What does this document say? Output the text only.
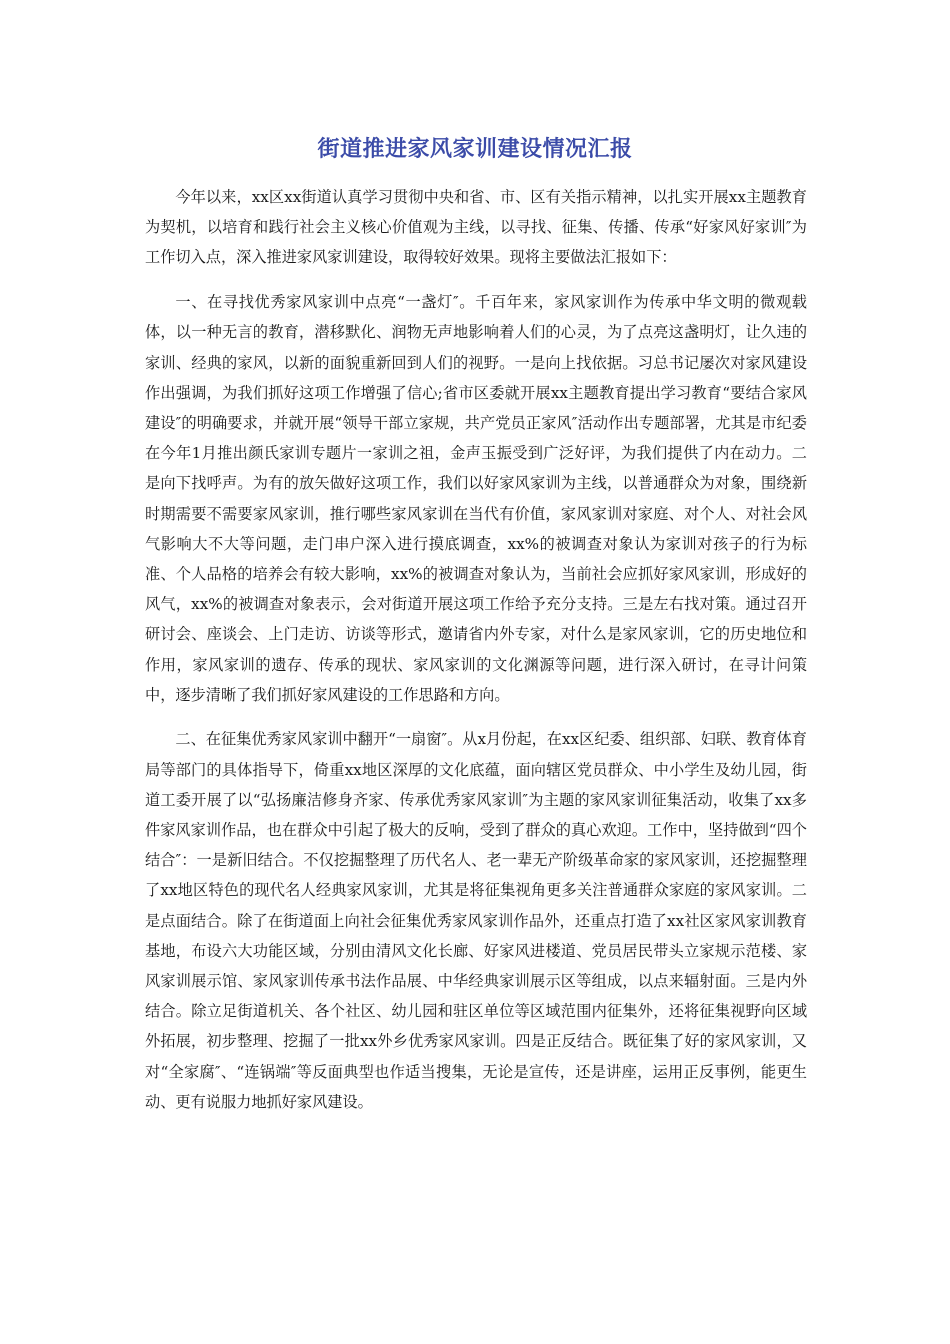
街道推进家风家训建设情况汇报

今年以来，xx区xx街道认真学习贯彻中央和省、市、区有关指示精神，以扎实开展xx主题教育为契机，以培育和践行社会主义核心价值观为主线，以寻找、征集、传播、传承“好家风好家训″为工作切入点，深入推进家风家训建设，取得较好效果。现将主要做法汇报如下：

一、在寻找优秀家风家训中点亮“一盏灯″。千百年来，家风家训作为传承中华文明的微观载体，以一种无言的教育，潜移默化、润物无声地影响着人们的心灵，为了点亮这盏明灯，让久违的家训、经典的家风，以新的面貌重新回到人们的视野。一是向上找依据。习总书记屡次对家风建设作出强调，为我们抓好这项工作增强了信心;省市区委就开展xx主题教育提出学习教育“要结合家风建设″的明确要求，并就开展“领导干部立家规，共产党员正家风″活动作出专题部署，尤其是市纪委在今年1月推出颜氏家训专题片一家训之祖，金声玉振受到广泛好评，为我们提供了内在动力。二是向下找呼声。为有的放矢做好这项工作，我们以好家风家训为主线，以普通群众为对象，围绕新时期需要不需要家风家训，推行哪些家风家训在当代有价值，家风家训对家庭、对个人、对社会风气影响大不大等问题，走门串户深入进行摸底调查，xx%的被调查对象认为家训对孩子的行为标准、个人品格的培养会有较大影响，xx%的被调查对象认为，当前社会应抓好家风家训，形成好的风气，xx%的被调查对象表示，会对街道开展这项工作给予充分支持。三是左右找对策。通过召开研讨会、座谈会、上门走访、访谈等形式，邀请省内外专家，对什么是家风家训，它的历史地位和作用，家风家训的遗存、传承的现状、家风家训的文化渊源等问题，进行深入研讨，在寻计问策中，逐步清晰了我们抓好家风建设的工作思路和方向。

二、在征集优秀家风家训中翻开“一扇窗″。从x月份起，在xx区纪委、组织部、妇联、教育体育局等部门的具体指导下，倚重xx地区深厚的文化底蕴，面向辖区党员群众、中小学生及幼儿园，街道工委开展了以“弘扬廉洁修身齐家、传承优秀家风家训″为主题的家风家训征集活动，收集了xx多件家风家训作品，也在群众中引起了极大的反响，受到了群众的真心欢迎。工作中，坚持做到“四个结合″：一是新旧结合。不仅挖掘整理了历代名人、老一辈无产阶级革命家的家风家训，还挖掘整理了xx地区特色的现代名人经典家风家训，尤其是将征集视角更多关注普通群众家庭的家风家训。二是点面结合。除了在街道面上向社会征集优秀家风家训作品外，还重点打造了xx社区家风家训教育基地，布设六大功能区域，分别由清风文化长廊、好家风进楼道、党员居民带头立家规示范楼、家风家训展示馆、家风家训传承书法作品展、中华经典家训展示区等组成，以点来辐射面。三是内外结合。除立足街道机关、各个社区、幼儿园和驻区单位等区域范围内征集外，还将征集视野向区域外拓展，初步整理、挖掘了一批xx外乡优秀家风家训。四是正反结合。既征集了好的家风家训，又对“全家腐″、“连锅端″等反面典型也作适当搜集，无论是宣传，还是讲座，运用正反事例，能更生动、更有说服力地抓好家风建设。
